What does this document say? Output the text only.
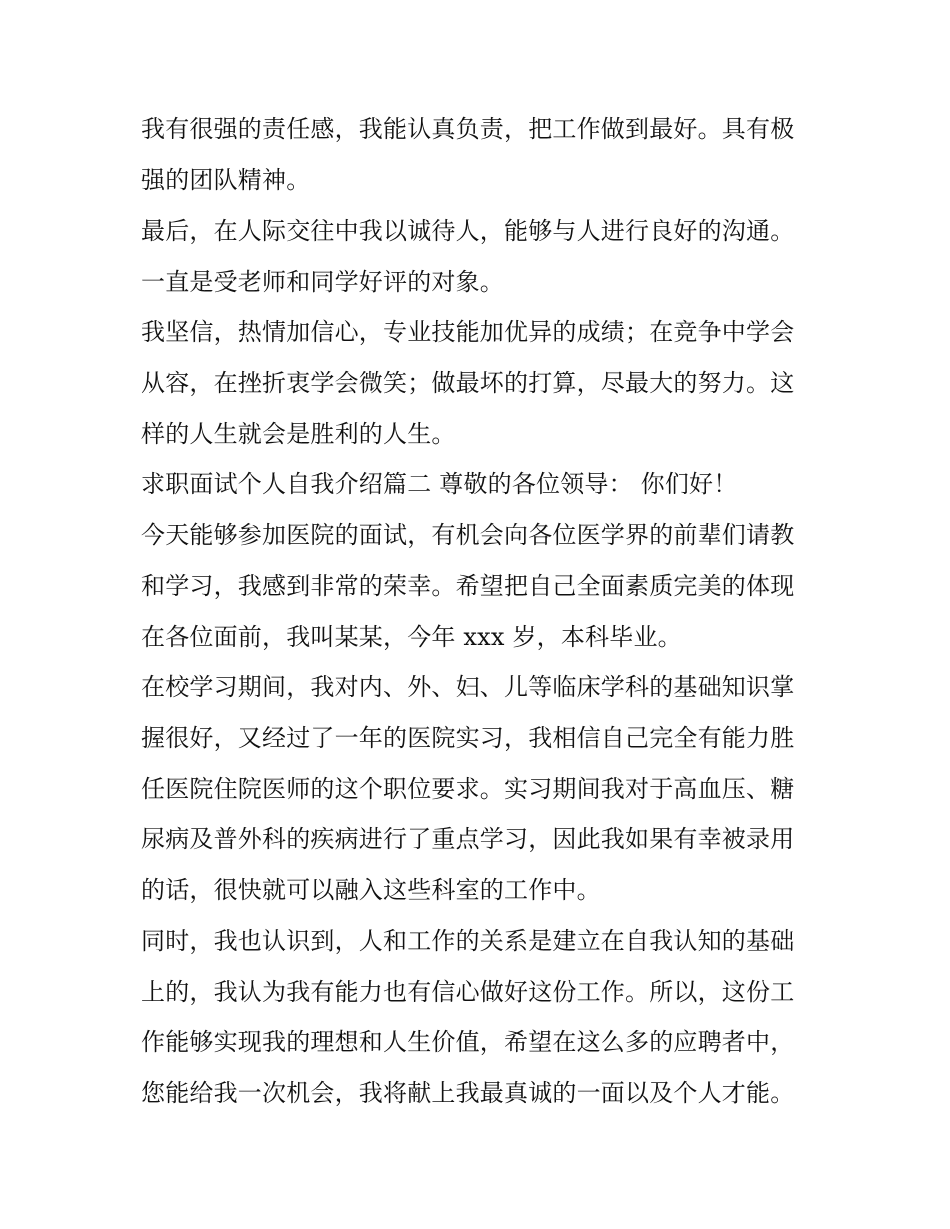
我有很强的责任感，我能认真负责，把工作做到最好。具有极

强的团队精神。

最后，在人际交往中我以诚待人，能够与人进行良好的沟通。

一直是受老师和同学好评的对象。

我坚信，热情加信心，专业技能加优异的成绩；在竞争中学会

从容，在挫折衷学会微笑；做最坏的打算，尽最大的努力。这

样的人生就会是胜利的人生。

求职面试个人自我介绍篇二 尊敬的各位领导： 你们好！

今天能够参加医院的面试，有机会向各位医学界的前辈们请教

和学习，我感到非常的荣幸。希望把自己全面素质完美的体现

在各位面前，我叫某某，今年 xxx 岁，本科毕业。

在校学习期间，我对内、外、妇、儿等临床学科的基础知识掌

握很好，又经过了一年的医院实习，我相信自己完全有能力胜

任医院住院医师的这个职位要求。实习期间我对于高血压、糖

尿病及普外科的疾病进行了重点学习，因此我如果有幸被录用

的话，很快就可以融入这些科室的工作中。

同时，我也认识到，人和工作的关系是建立在自我认知的基础

上的，我认为我有能力也有信心做好这份工作。所以，这份工

作能够实现我的理想和人生价值，希望在这么多的应聘者中，

您能给我一次机会，我将献上我最真诚的一面以及个人才能。
